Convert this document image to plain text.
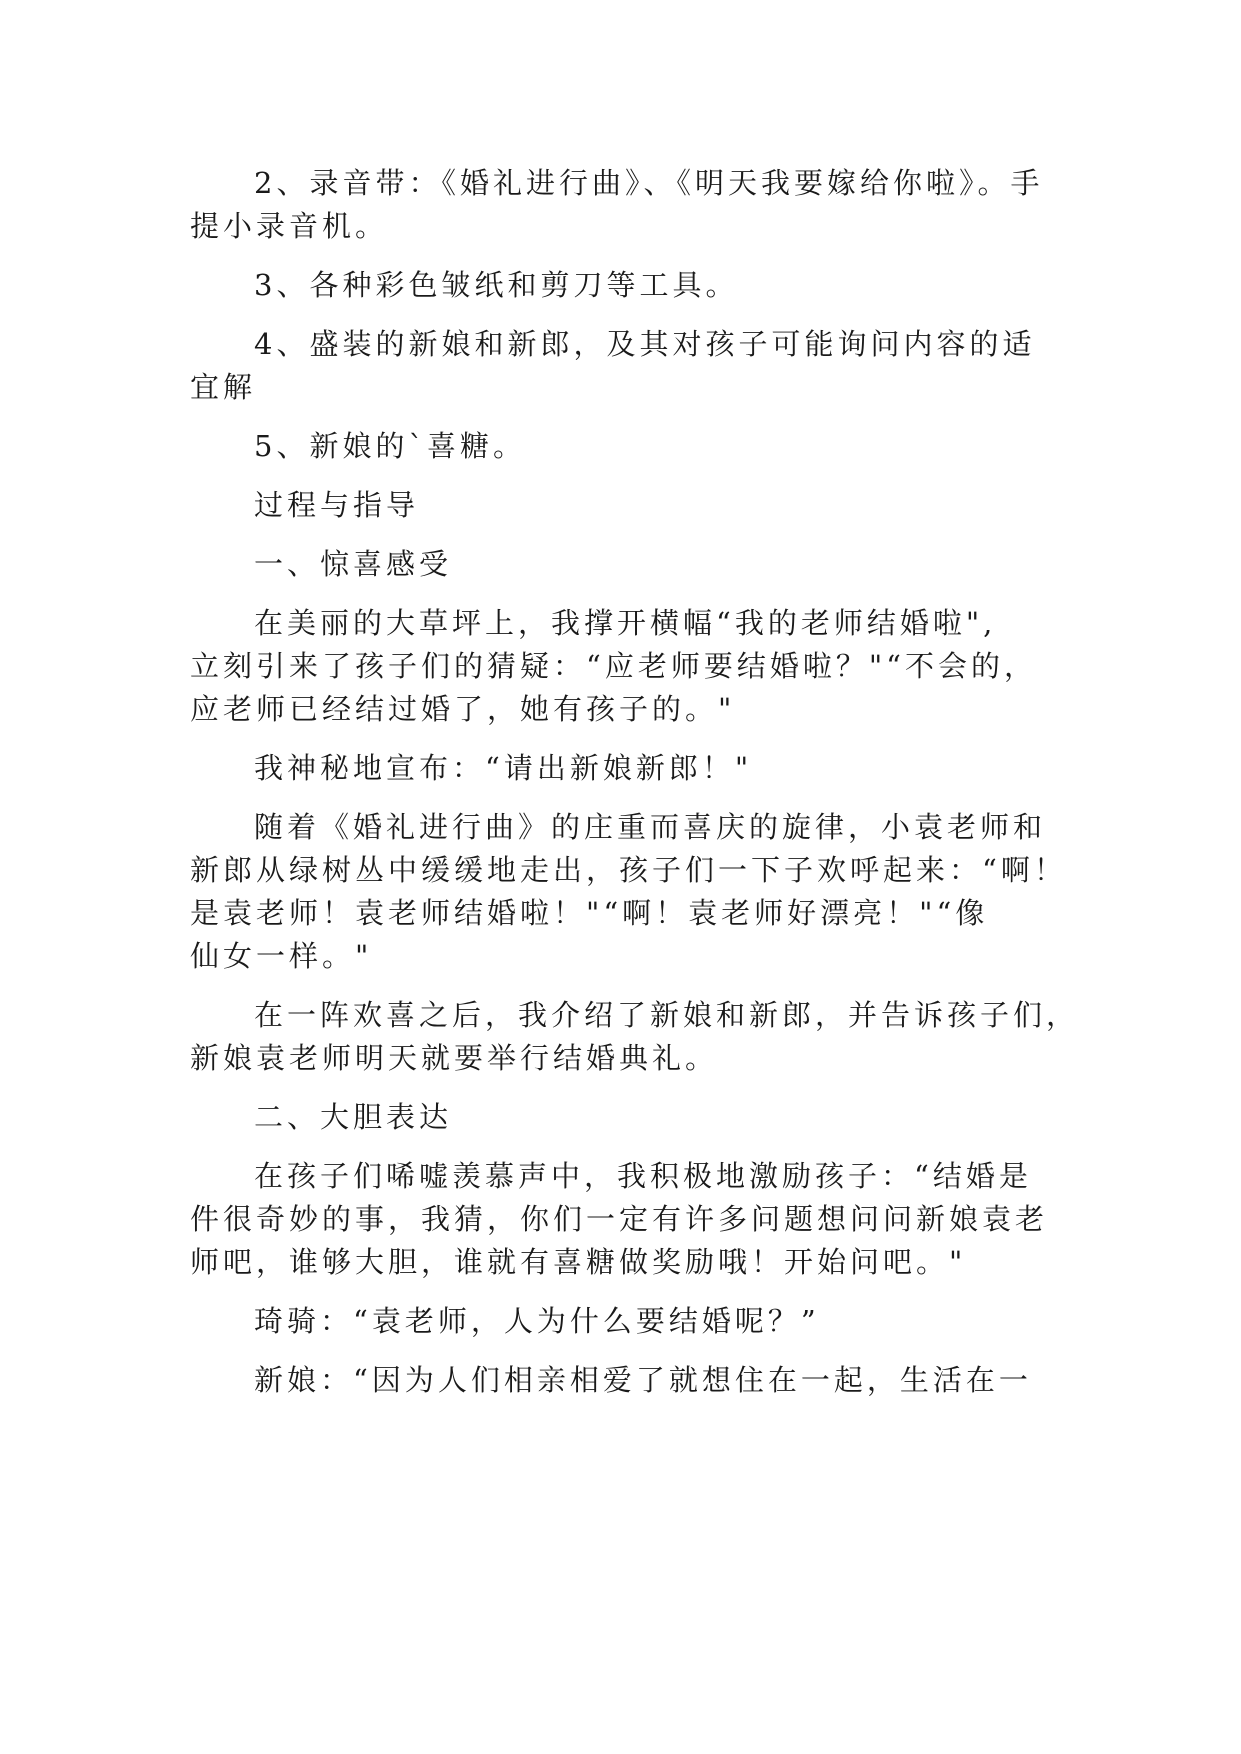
2、录音带：《婚礼进行曲》、《明天我要嫁给你啦》。手
提小录音机。
3、各种彩色皱纸和剪刀等工具。
4、盛装的新娘和新郎，及其对孩子可能询问内容的适
宜解
5、新娘的`喜糖。
过程与指导
一、惊喜感受
在美丽的大草坪上，我撑开横幅“我的老师结婚啦",
立刻引来了孩子们的猜疑：“应老师要结婚啦？"“不会的，
应老师已经结过婚了，她有孩子的。"
我神秘地宣布：“请出新娘新郎！"
随着《婚礼进行曲》的庄重而喜庆的旋律，小袁老师和
新郎从绿树丛中缓缓地走出，孩子们一下子欢呼起来：“啊！
是袁老师！袁老师结婚啦！"“啊！袁老师好漂亮！"“像
仙女一样。"
在一阵欢喜之后，我介绍了新娘和新郎，并告诉孩子们，
新娘袁老师明天就要举行结婚典礼。
二、大胆表达
在孩子们唏嘘羡慕声中，我积极地激励孩子：“结婚是
件很奇妙的事，我猜，你们一定有许多问题想问问新娘袁老
师吧，谁够大胆，谁就有喜糖做奖励哦！开始问吧。"
琦骑：“袁老师，人为什么要结婚呢？”
新娘：“因为人们相亲相爱了就想住在一起，生活在一
